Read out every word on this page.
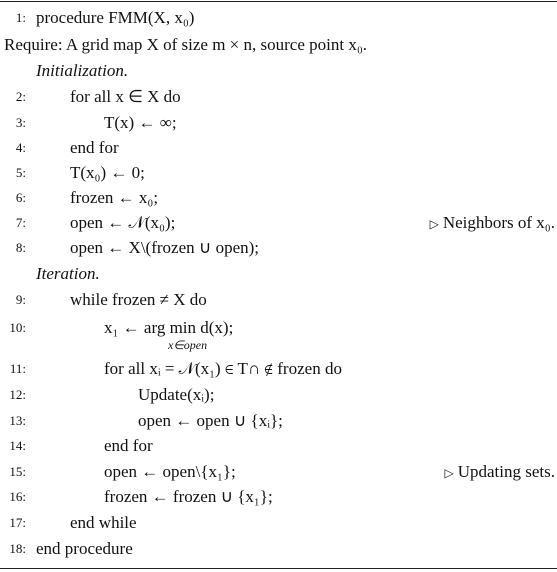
1: procedure FMM(X, x₀)
Require: A grid map X of size m × n, source point x₀.
Initialization.
2:	for all x ∈ X do
3:	T(x) ← ∞;
4:	end for
5:	T(x₀) ← 0;
6:	frozen ← x₀;
7:	open ← 𝒩(x₀);	▷ Neighbors of x₀.
8:	open ← X\(frozen ∪ open);
Iteration.
9:	while frozen ≠ X do
10:	x₁ ← arg min d(x);
x∈open
11:	for all xᵢ = 𝒩(x₁) ∈ T∩ ∉ frozen do
12:	Update(xᵢ);
13:	open ← open ∪ {xᵢ};
14:	end for
15:	open ← open\{x₁};	▷ Updating sets.
16:	frozen ← frozen ∪ {x₁};
17:	end while
18: end procedure
